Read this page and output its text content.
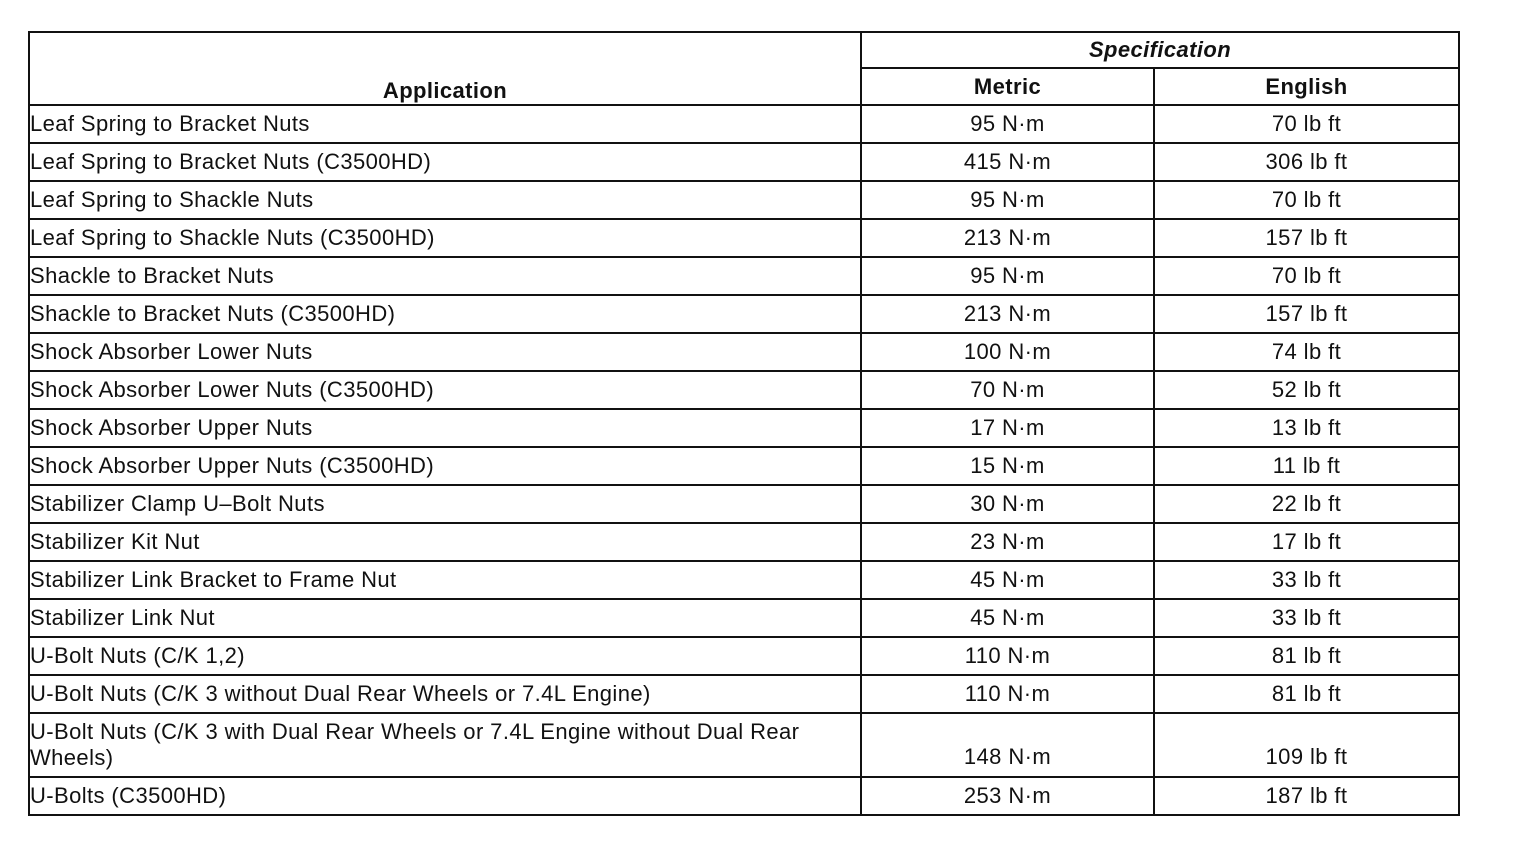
Application	Specification	
	Metric	English
Leaf Spring to Bracket Nuts	95 N·m	70 lb ft
Leaf Spring to Bracket Nuts (C3500HD)	415 N·m	306 lb ft
Leaf Spring to Shackle Nuts	95 N·m	70 lb ft
Leaf Spring to Shackle Nuts (C3500HD)	213 N·m	157 lb ft
Shackle to Bracket Nuts	95 N·m	70 lb ft
Shackle to Bracket Nuts (C3500HD)	213 N·m	157 lb ft
Shock Absorber Lower Nuts	100 N·m	74 lb ft
Shock Absorber Lower Nuts (C3500HD)	70 N·m	52 lb ft
Shock Absorber Upper Nuts	17 N·m	13 lb ft
Shock Absorber Upper Nuts (C3500HD)	15 N·m	11 lb ft
Stabilizer Clamp U–Bolt Nuts	30 N·m	22 lb ft
Stabilizer Kit Nut	23 N·m	17 lb ft
Stabilizer Link Bracket to Frame Nut	45 N·m	33 lb ft
Stabilizer Link Nut	45 N·m	33 lb ft
U-Bolt Nuts (C/K 1,2)	110 N·m	81 lb ft
U-Bolt Nuts (C/K 3 without Dual Rear Wheels or 7.4L Engine)	110 N·m	81 lb ft
U-Bolt Nuts (C/K 3 with Dual Rear Wheels or 7.4L Engine without Dual Rear Wheels)	148 N·m	109 lb ft
U-Bolts (C3500HD)	253 N·m	187 lb ft
